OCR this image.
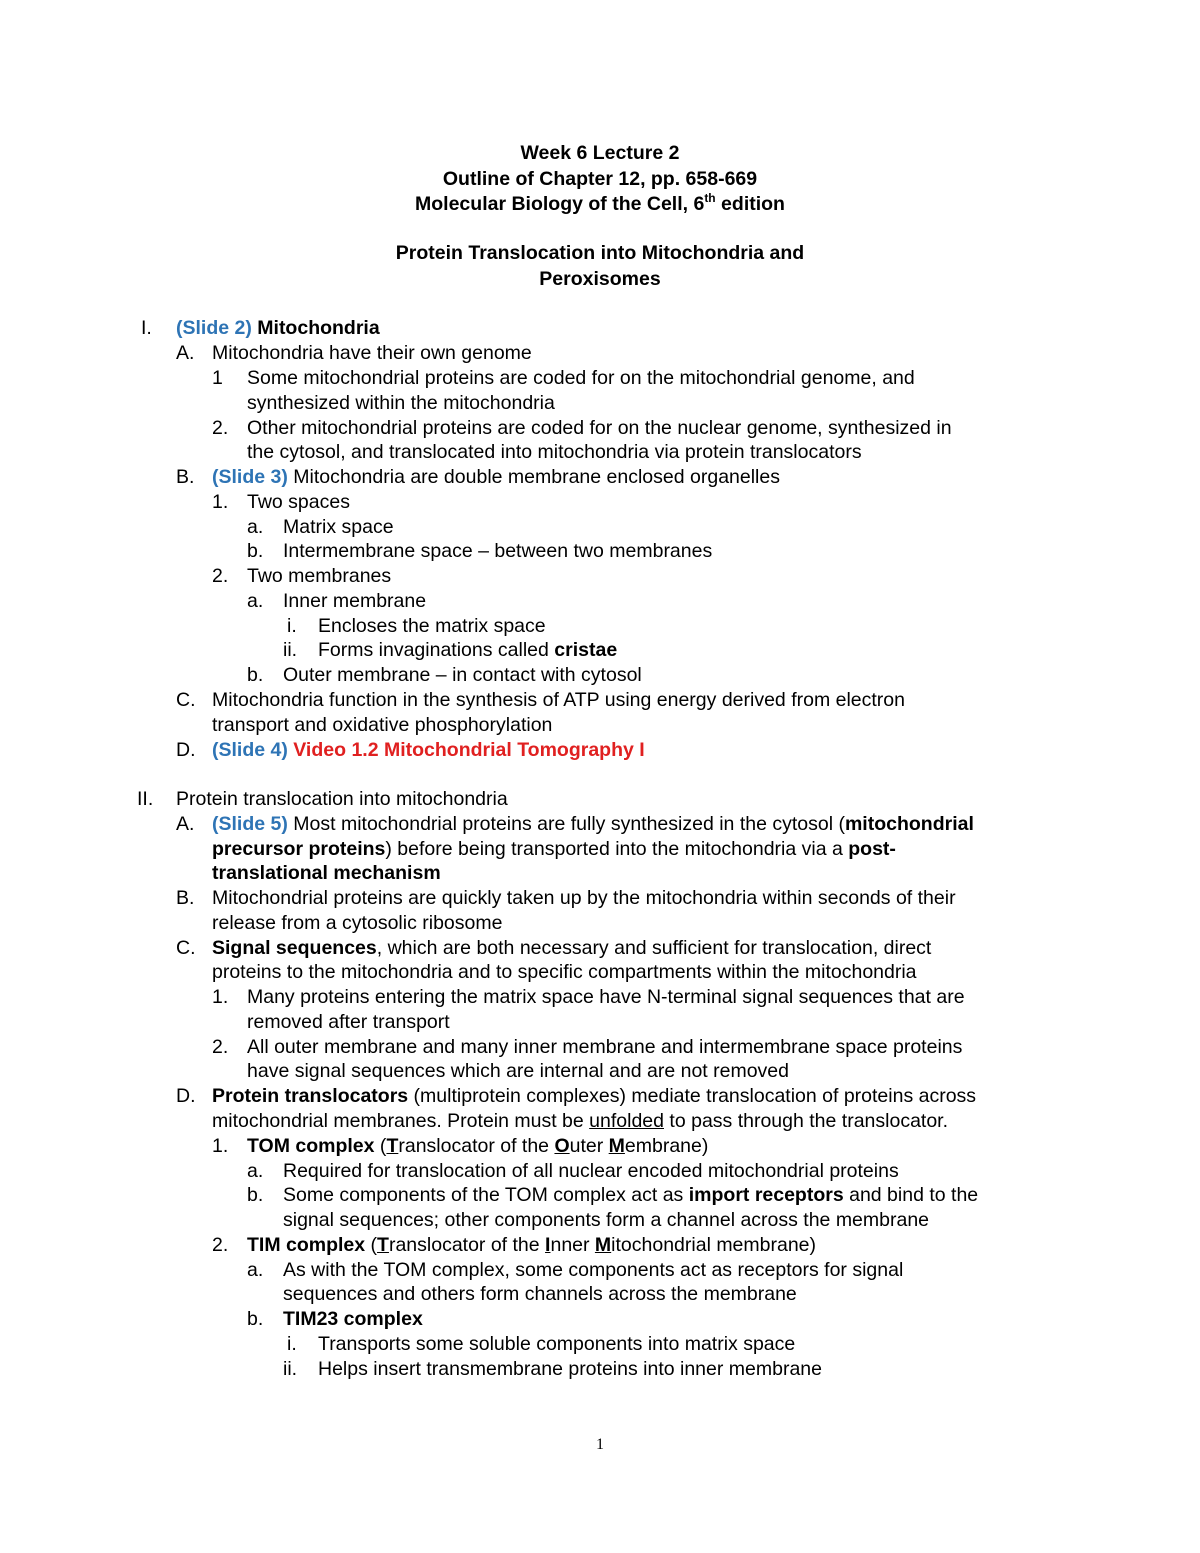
Week 6 Lecture 2
Outline of Chapter 12, pp. 658-669
Molecular Biology of the Cell, 6th edition
Protein Translocation into Mitochondria and
Peroxisomes
I. (Slide 2) Mitochondria
A. Mitochondria have their own genome
1 Some mitochondrial proteins are coded for on the mitochondrial genome, and
synthesized within the mitochondria
2. Other mitochondrial proteins are coded for on the nuclear genome, synthesized in
the cytosol, and translocated into mitochondria via protein translocators
B. (Slide 3) Mitochondria are double membrane enclosed organelles
1. Two spaces
a. Matrix space
b. Intermembrane space – between two membranes
2. Two membranes
a. Inner membrane
i. Encloses the matrix space
ii. Forms invaginations called cristae
b. Outer membrane – in contact with cytosol
C. Mitochondria function in the synthesis of ATP using energy derived from electron
transport and oxidative phosphorylation
D. (Slide 4) Video 1.2 Mitochondrial Tomography I
II. Protein translocation into mitochondria
A. (Slide 5) Most mitochondrial proteins are fully synthesized in the cytosol (mitochondrial
precursor proteins) before being transported into the mitochondria via a post-
translational mechanism
B. Mitochondrial proteins are quickly taken up by the mitochondria within seconds of their
release from a cytosolic ribosome
C. Signal sequences, which are both necessary and sufficient for translocation, direct
proteins to the mitochondria and to specific compartments within the mitochondria
1. Many proteins entering the matrix space have N-terminal signal sequences that are
removed after transport
2. All outer membrane and many inner membrane and intermembrane space proteins
have signal sequences which are internal and are not removed
D. Protein translocators (multiprotein complexes) mediate translocation of proteins across
mitochondrial membranes. Protein must be unfolded to pass through the translocator.
1. TOM complex (Translocator of the Outer Membrane)
a. Required for translocation of all nuclear encoded mitochondrial proteins
b. Some components of the TOM complex act as import receptors and bind to the
signal sequences; other components form a channel across the membrane
2. TIM complex (Translocator of the Inner Mitochondrial membrane)
a. As with the TOM complex, some components act as receptors for signal
sequences and others form channels across the membrane
b. TIM23 complex
i. Transports some soluble components into matrix space
ii. Helps insert transmembrane proteins into inner membrane
1
